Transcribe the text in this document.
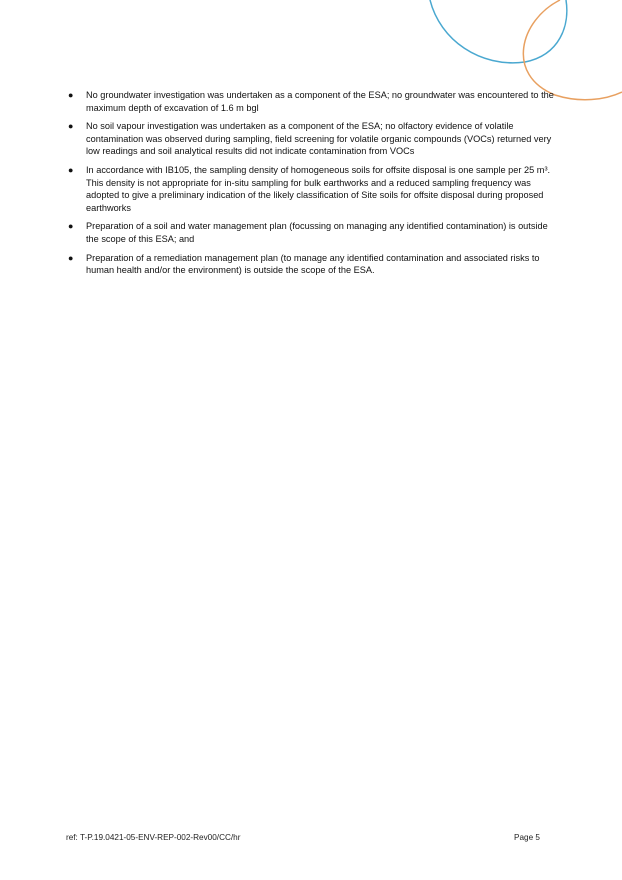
● No groundwater investigation was undertaken as a component of the ESA; no groundwater was encountered to the maximum depth of excavation of 1.6 m bgl
● No soil vapour investigation was undertaken as a component of the ESA; no olfactory evidence of volatile contamination was observed during sampling, field screening for volatile organic compounds (VOCs) returned very low readings and soil analytical results did not indicate contamination from VOCs
● In accordance with IB105, the sampling density of homogeneous soils for offsite disposal is one sample per 25 m³. This density is not appropriate for in-situ sampling for bulk earthworks and a reduced sampling frequency was adopted to give a preliminary indication of the likely classification of Site soils for offsite disposal during proposed earthworks
● Preparation of a soil and water management plan (focussing on managing any identified contamination) is outside the scope of this ESA; and
● Preparation of a remediation management plan (to manage any identified contamination and associated risks to human health and/or the environment) is outside the scope of the ESA.
ref: T-P.19.0421-05-ENV-REP-002-Rev00/CC/hr	Page 5
